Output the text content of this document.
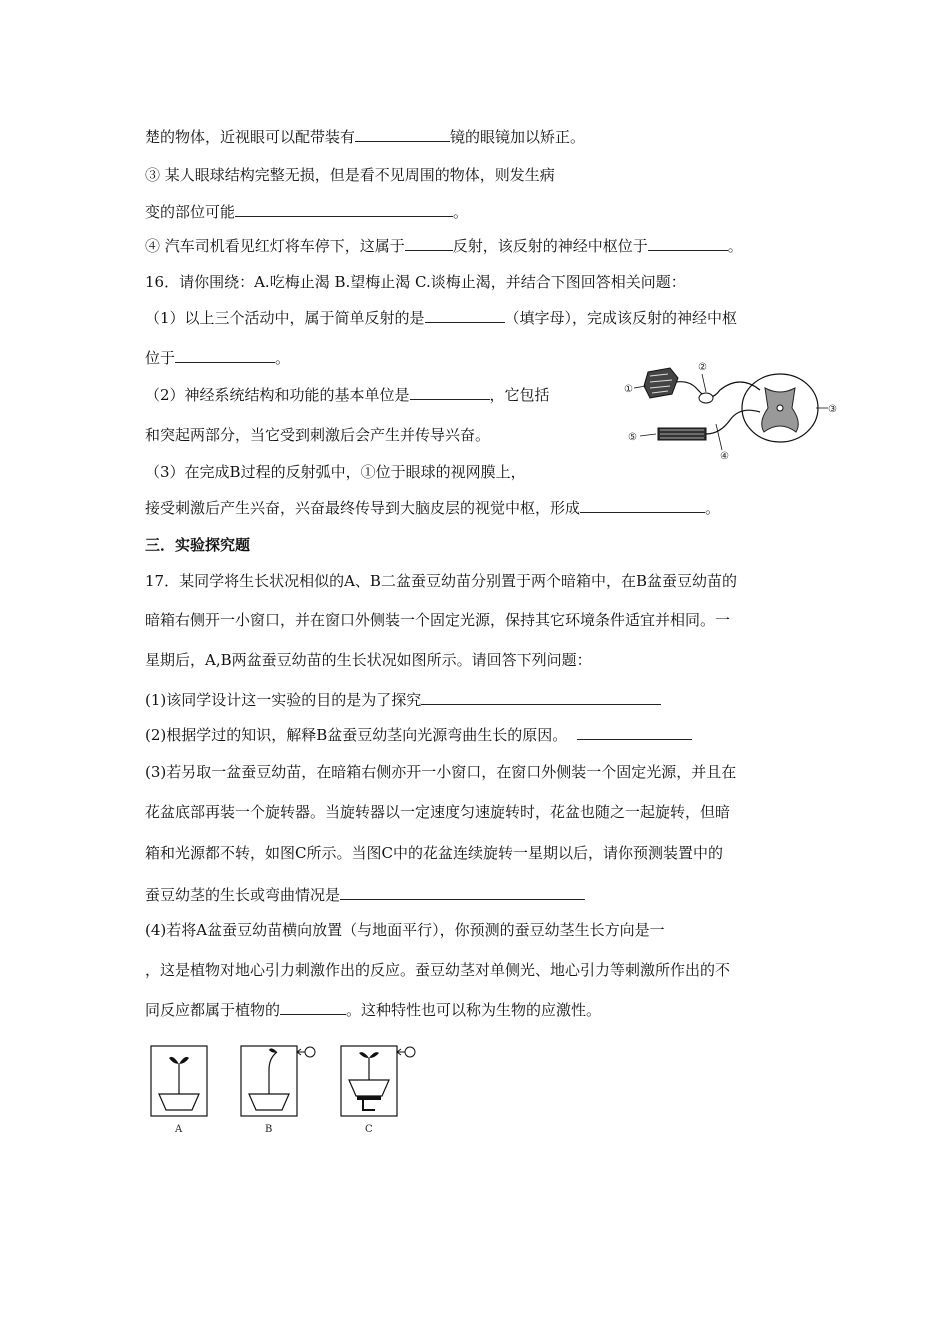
楚的物体，近视眼可以配带装有	镜的眼镜加以矫正。
③ 某人眼球结构完整无损，但是看不见周围的物体，则发生病
变的部位可能	。
④ 汽车司机看见红灯将车停下，这属于	反射，该反射的神经中枢位于	。
16．请你围绕：A.吃梅止渴 B.望梅止渴 C.谈梅止渴，并结合下图回答相关问题：
（1）以上三个活动中，属于简单反射的是	（填字母），完成该反射的神经中枢
位于	。
（2）神经系统结构和功能的基本单位是	，它包括
和突起两部分，当它受到刺激后会产生并传导兴奋。
（3）在完成B过程的反射弧中，①位于眼球的视网膜上，
接受刺激后产生兴奋，兴奋最终传导到大脑皮层的视觉中枢，形成	。
①
②
③
④
⑤
三．实验探究题
17．某同学将生长状况相似的A、B二盆蚕豆幼苗分别置于两个暗箱中，在B盆蚕豆幼苗的
暗箱右侧开一小窗口，并在窗口外侧装一个固定光源，保持其它环境条件适宜并相同。一
星期后，A,B两盆蚕豆幼苗的生长状况如图所示。请回答下列问题：
(1)该同学设计这一实验的目的是为了探究
(2)根据学过的知识，解释B盆蚕豆幼茎向光源弯曲生长的原因。
(3)若另取一盆蚕豆幼苗，在暗箱右侧亦开一小窗口，在窗口外侧装一个固定光源，并且在
花盆底部再装一个旋转器。当旋转器以一定速度匀速旋转时，花盆也随之一起旋转，但暗
箱和光源都不转，如图C所示。当图C中的花盆连续旋转一星期以后，请你预测装置中的
蚕豆幼茎的生长或弯曲情况是
(4)若将A盆蚕豆幼苗横向放置（与地面平行），你预测的蚕豆幼茎生长方向是一
，这是植物对地心引力刺激作出的反应。蚕豆幼茎对单侧光、地心引力等刺激所作出的不
同反应都属于植物的	。这种特性也可以称为生物的应激性。
A	B	C
